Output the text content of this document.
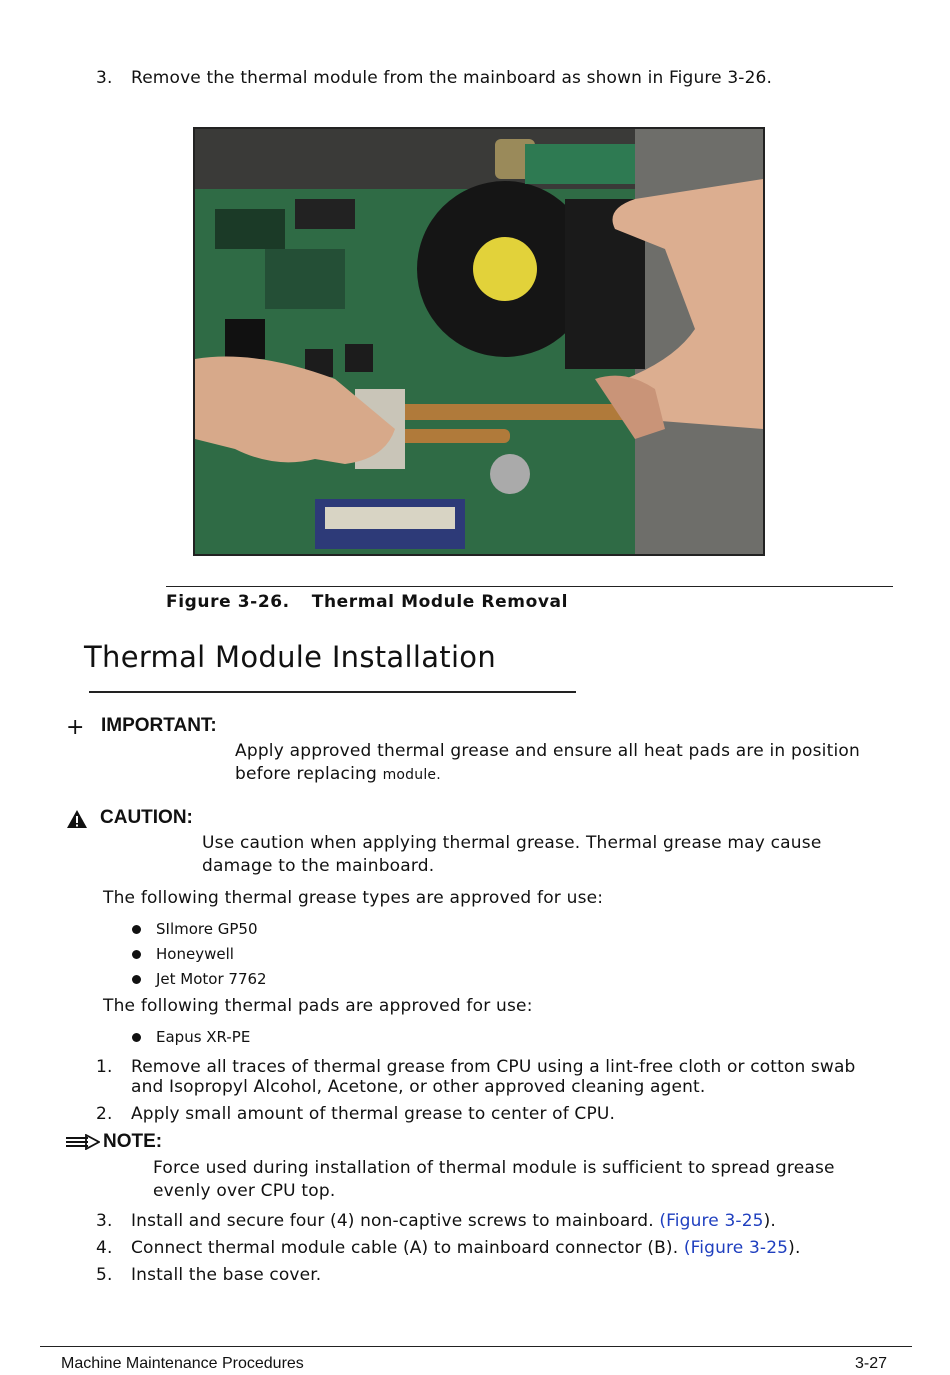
3.	Remove the thermal module from the mainboard as shown in Figure 3-26.
Figure 3-26. Thermal Module Removal
Thermal Module Installation
+ IMPORTANT:
Apply approved thermal grease and ensure all heat pads are in position
before replacing module.
CAUTION:
Use caution when applying thermal grease. Thermal grease may cause
damage to the mainboard.
The following thermal grease types are approved for use:
SIlmore GP50
Honeywell
Jet Motor 7762
The following thermal pads are approved for use:
Eapus XR-PE
1.	Remove all traces of thermal grease from CPU using a lint-free cloth or cotton swab
and Isopropyl Alcohol, Acetone, or other approved cleaning agent.
2.	Apply small amount of thermal grease to center of CPU.
NOTE:
Force used during installation of thermal module is sufficient to spread grease
evenly over CPU top.
3.	Install and secure four (4) non-captive screws to mainboard. (Figure 3-25).
4.	Connect thermal module cable (A) to mainboard connector (B). (Figure 3-25).
5.	Install the base cover.
Machine Maintenance Procedures	3-27
